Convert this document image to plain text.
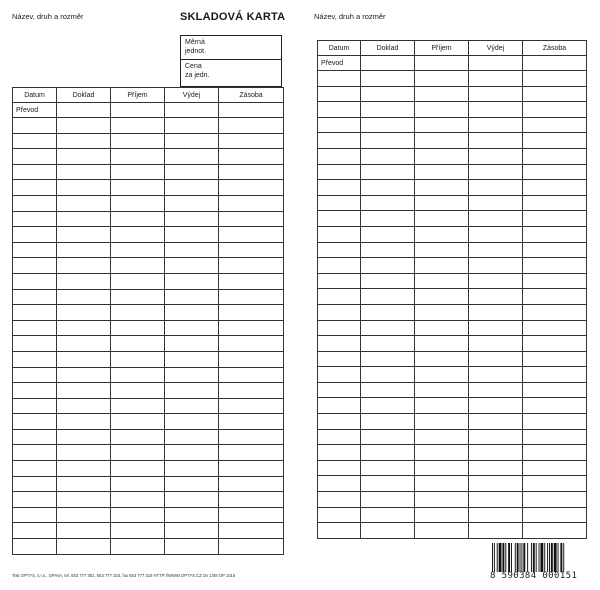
Název, druh a rozměr	SKLADOVÁ KARTA
Měrná
jednot.
Cena
za jedn.
Datum	Doklad	Příjem	Výdej	Zásoba
Převod				

Tisk OPTYS, s.r.o., OPAVA, tel. 553 777 381, 553 777 333, fax 553 777 318 HTTP://WWW.OPTYS.CZ Ov 1/08 OP 1015
Název, druh a rozměr
Datum	Doklad	Příjem	Výdej	Zásoba
Převod				

8 590384 000151
